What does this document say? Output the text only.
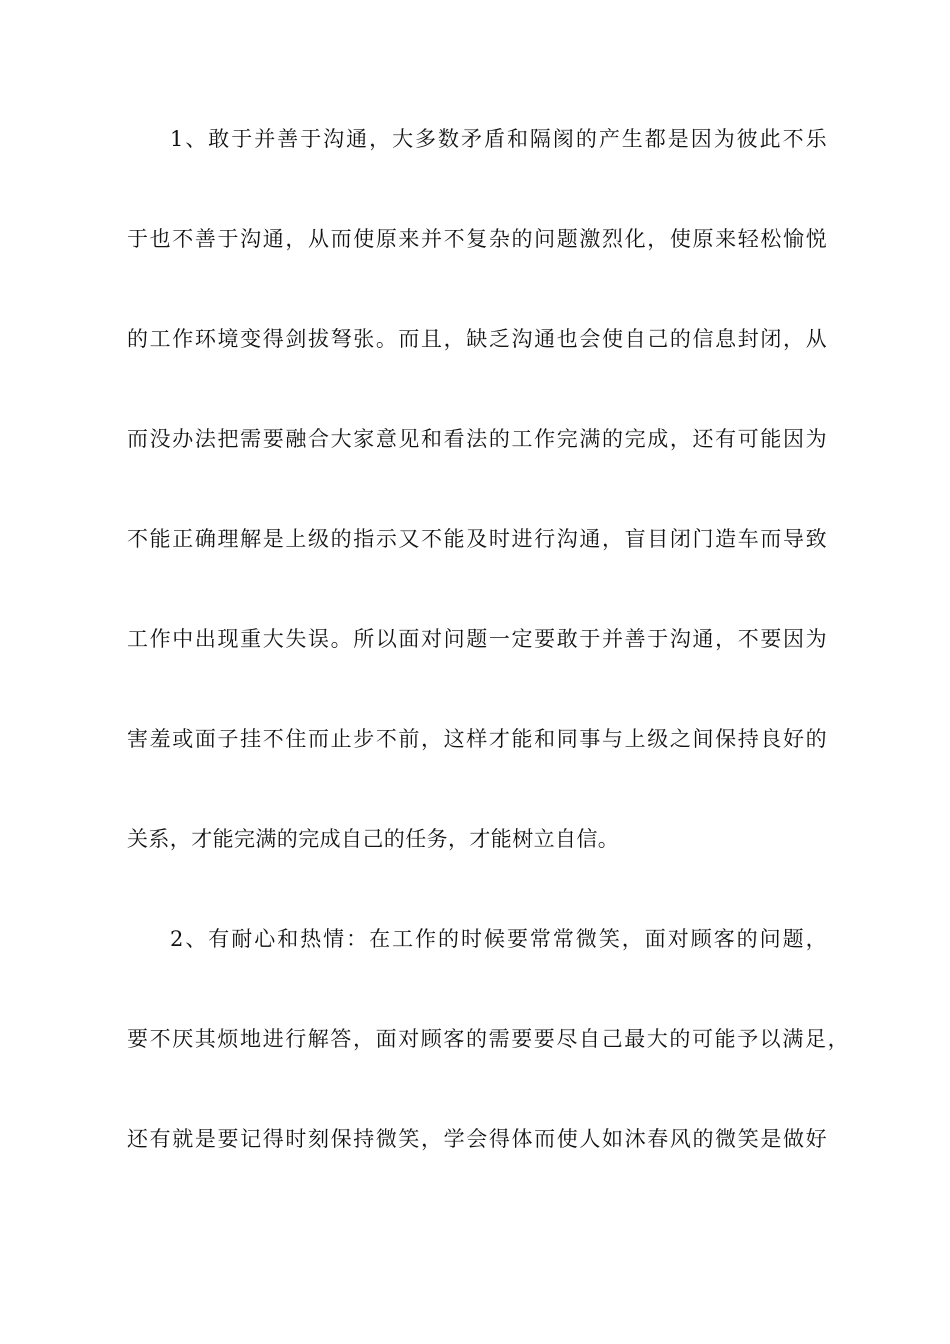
1、敢于并善于沟通，大多数矛盾和隔阂的产生都是因为彼此不乐
于也不善于沟通，从而使原来并不复杂的问题激烈化，使原来轻松愉悦
的工作环境变得剑拔弩张。而且，缺乏沟通也会使自己的信息封闭，从
而没办法把需要融合大家意见和看法的工作完满的完成，还有可能因为
不能正确理解是上级的指示又不能及时进行沟通，盲目闭门造车而导致
工作中出现重大失误。所以面对问题一定要敢于并善于沟通，不要因为
害羞或面子挂不住而止步不前，这样才能和同事与上级之间保持良好的
关系，才能完满的完成自己的任务，才能树立自信。
2、有耐心和热情：在工作的时候要常常微笑，面对顾客的问题，
要不厌其烦地进行解答，面对顾客的需要要尽自己最大的可能予以满足，
还有就是要记得时刻保持微笑，学会得体而使人如沐春风的微笑是做好
